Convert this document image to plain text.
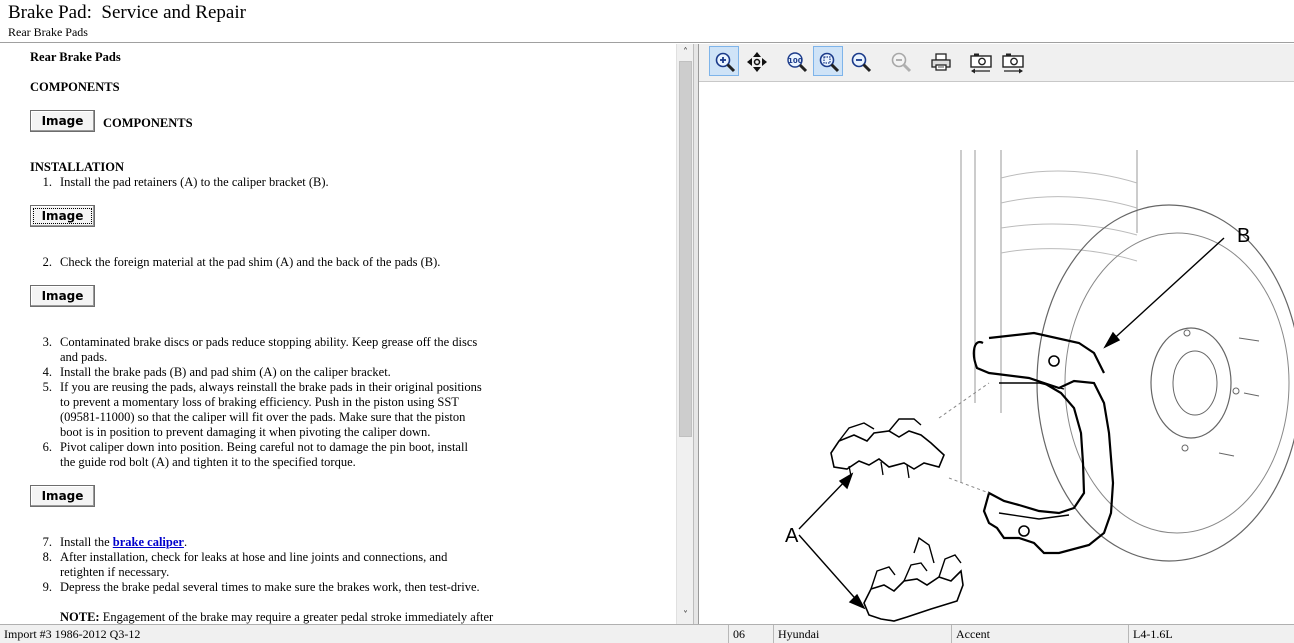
Brake Pad:  Service and Repair
Rear Brake Pads
Rear Brake Pads
COMPONENTS
Image	COMPONENTS
INSTALLATION
1. Install the pad retainers (A) to the caliper bracket (B).
Image
2. Check the foreign material at the pad shim (A) and the back of the pads (B).
Image
3. Contaminated brake discs or pads reduce stopping ability. Keep grease off the discs
and pads.
4. Install the brake pads (B) and pad shim (A) on the caliper bracket.
5. If you are reusing the pads, always reinstall the brake pads in their original positions
to prevent a momentary loss of braking efficiency. Push in the piston using SST
(09581-11000) so that the caliper will fit over the pads. Make sure that the piston
boot is in position to prevent damaging it when pivoting the caliper down.
6. Pivot caliper down into position. Being careful not to damage the pin boot, install
the guide rod bolt (A) and tighten it to the specified torque.
Image
7. Install the brake caliper.
8. After installation, check for leaks at hose and line joints and connections, and
retighten if necessary.
9. Depress the brake pedal several times to make sure the brakes work, then test-drive.
NOTE: Engagement of the brake may require a greater pedal stroke immediately after
˄
˅
100
B
A
Import #3 1986-2012 Q3-12	06	Hyundai	Accent	L4-1.6L
